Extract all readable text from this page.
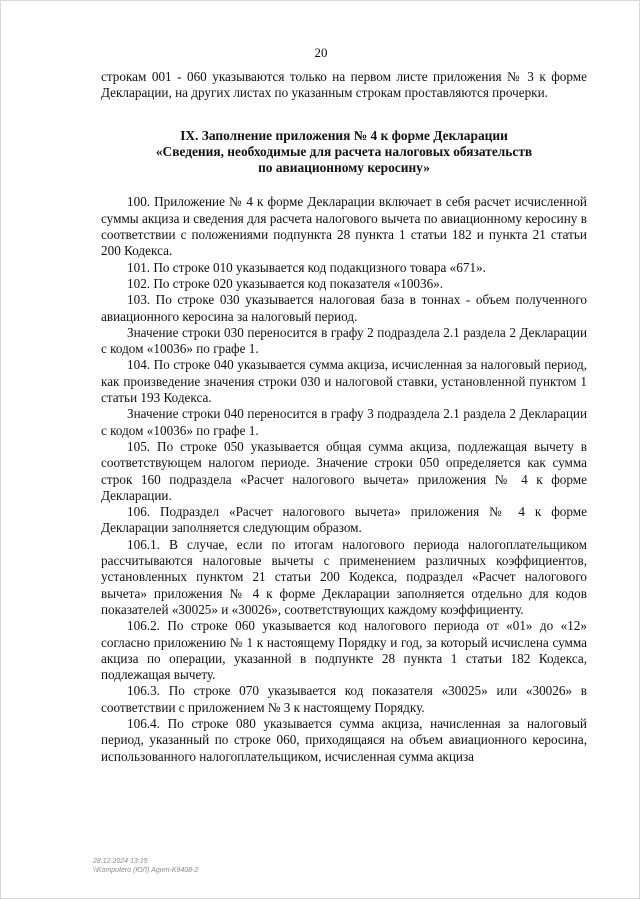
20

строкам 001 - 060 указываются только на первом листе приложения № 3 к форме Декларации, на других листах по указанным строкам проставляются прочерки.

IX. Заполнение приложения № 4 к форме Декларации
«Сведения, необходимые для расчета налоговых обязательств
по авиационному керосину»

100. Приложение № 4 к форме Декларации включает в себя расчет исчисленной суммы акциза и сведения для расчета налогового вычета по авиационному керосину в соответствии с положениями подпункта 28 пункта 1 статьи 182 и пункта 21 статьи 200 Кодекса.

101. По строке 010 указывается код подакцизного товара «671».

102. По строке 020 указывается код показателя «10036».

103. По строке 030 указывается налоговая база в тоннах - объем полученного авиационного керосина за налоговый период.

Значение строки 030 переносится в графу 2 подраздела 2.1 раздела 2 Декларации с кодом «10036» по графе 1.

104. По строке 040 указывается сумма акциза, исчисленная за налоговый период, как произведение значения строки 030 и налоговой ставки, установленной пунктом 1 статьи 193 Кодекса.

Значение строки 040 переносится в графу 3 подраздела 2.1 раздела 2 Декларации с кодом «10036» по графе 1.

105. По строке 050 указывается общая сумма акциза, подлежащая вычету в соответствующем налогом периоде. Значение строки 050 определяется как сумма строк 160 подраздела «Расчет налогового вычета» приложения № 4 к форме Декларации.

106. Подраздел «Расчет налогового вычета» приложения № 4 к форме Декларации заполняется следующим образом.

106.1. В случае, если по итогам налогового периода налогоплательщиком рассчитываются налоговые вычеты с применением различных коэффициентов, установленных пунктом 21 статьи 200 Кодекса, подраздел «Расчет налогового вычета» приложения № 4 к форме Декларации заполняется отдельно для кодов показателей «30025» и «30026», соответствующих каждому коэффициенту.

106.2. По строке 060 указывается код налогового периода от «01» до «12» согласно приложению № 1 к настоящему Порядку и год, за который исчислена сумма акциза по операции, указанной в подпункте 28 пункта 1 статьи 182 Кодекса, подлежащая вычету.

106.3. По строке 070 указывается код показателя «30025» или «30026» в соответствии с приложением № 3 к настоящему Порядку.

106.4. По строке 080 указывается сумма акциза, начисленная за налоговый период, указанный по строке 060, приходящаяся на объем авиационного керосина, использованного налогоплательщиком, исчисленная сумма акциза

28.12.2024 13:15
\\Komputero (ЮЛ) Аgнт-K9408-2
